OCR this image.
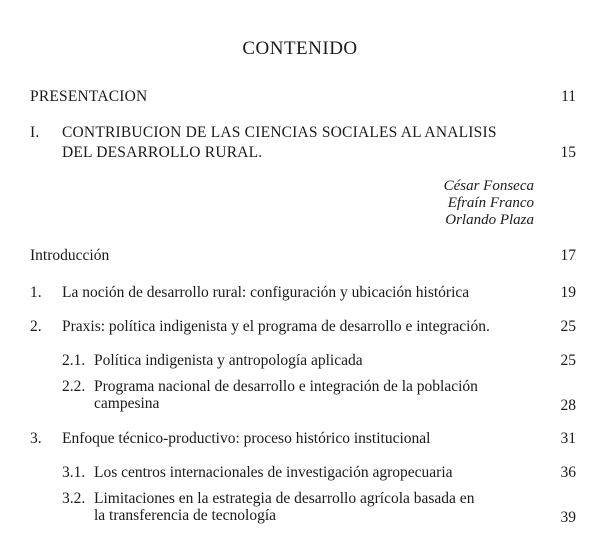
CONTENIDO
PRESENTACION	11
I. CONTRIBUCION DE LAS CIENCIAS SOCIALES AL ANALISIS
DEL DESARROLLO RURAL.	15
César Fonseca
Efraín Franco
Orlando Plaza
Introducción	17
1. La noción de desarrollo rural: configuración y ubicación histórica	19
2. Praxis: política indigenista y el programa de desarrollo e integración.	25
2.1. Política indigenista y antropología aplicada	25
2.2. Programa nacional de desarrollo e integración de la población
campesina	28
3. Enfoque técnico-productivo: proceso histórico institucional	31
3.1. Los centros internacionales de investigación agropecuaria	36
3.2. Limitaciones en la estrategia de desarrollo agrícola basada en
la transferencia de tecnología	39
